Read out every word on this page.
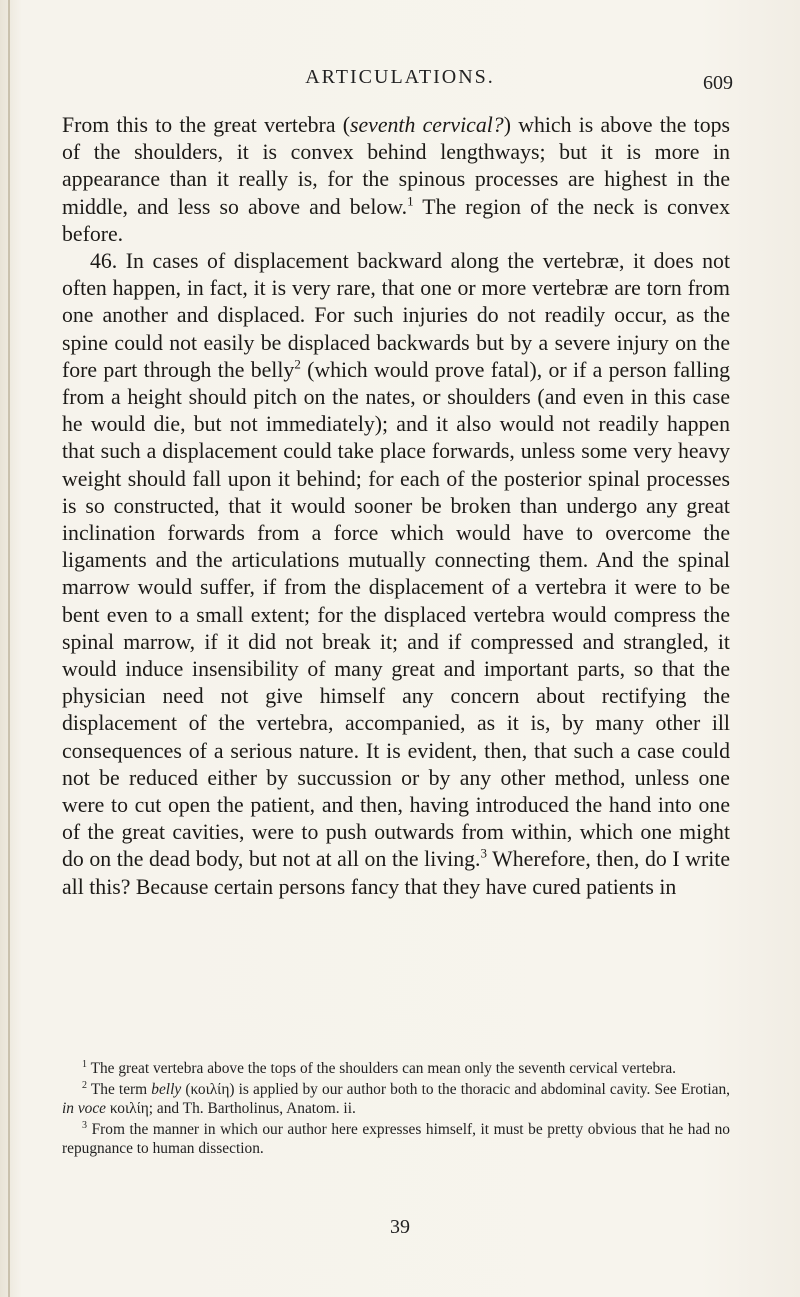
ARTICULATIONS.	609

From this to the great vertebra (seventh cervical?) which is above the tops of the shoulders, it is convex behind lengthways; but it is more in appearance than it really is, for the spinous processes are highest in the middle, and less so above and below.$^1$ The region of the neck is convex before.

46. In cases of displacement backward along the vertebræ, it does not often happen, in fact, it is very rare, that one or more vertebræ are torn from one another and displaced. For such injuries do not readily occur, as the spine could not easily be displaced backwards but by a severe injury on the fore part through the belly$^2$ (which would prove fatal), or if a person falling from a height should pitch on the nates, or shoulders (and even in this case he would die, but not immediately); and it also would not readily happen that such a displacement could take place forwards, unless some very heavy weight should fall upon it behind; for each of the posterior spinal processes is so constructed, that it would sooner be broken than undergo any great inclination forwards from a force which would have to overcome the ligaments and the articulations mutually connecting them. And the spinal marrow would suffer, if from the displacement of a vertebra it were to be bent even to a small extent; for the displaced vertebra would compress the spinal marrow, if it did not break it; and if compressed and strangled, it would induce insensibility of many great and important parts, so that the physician need not give himself any concern about rectifying the displacement of the vertebra, accompanied, as it is, by many other ill consequences of a serious nature. It is evident, then, that such a case could not be reduced either by succussion or by any other method, unless one were to cut open the patient, and then, having introduced the hand into one of the great cavities, were to push outwards from within, which one might do on the dead body, but not at all on the living.$^3$ Wherefore, then, do I write all this? Because certain persons fancy that they have cured patients in

$^1$ The great vertebra above the tops of the shoulders can mean only the seventh cervical vertebra.

$^2$ The term belly (κοιλίη) is applied by our author both to the thoracic and abdominal cavity. See Erotian, in voce κοιλίη; and Th. Bartholinus, Anatom. ii.

$^3$ From the manner in which our author here expresses himself, it must be pretty obvious that he had no repugnance to human dissection.

39
